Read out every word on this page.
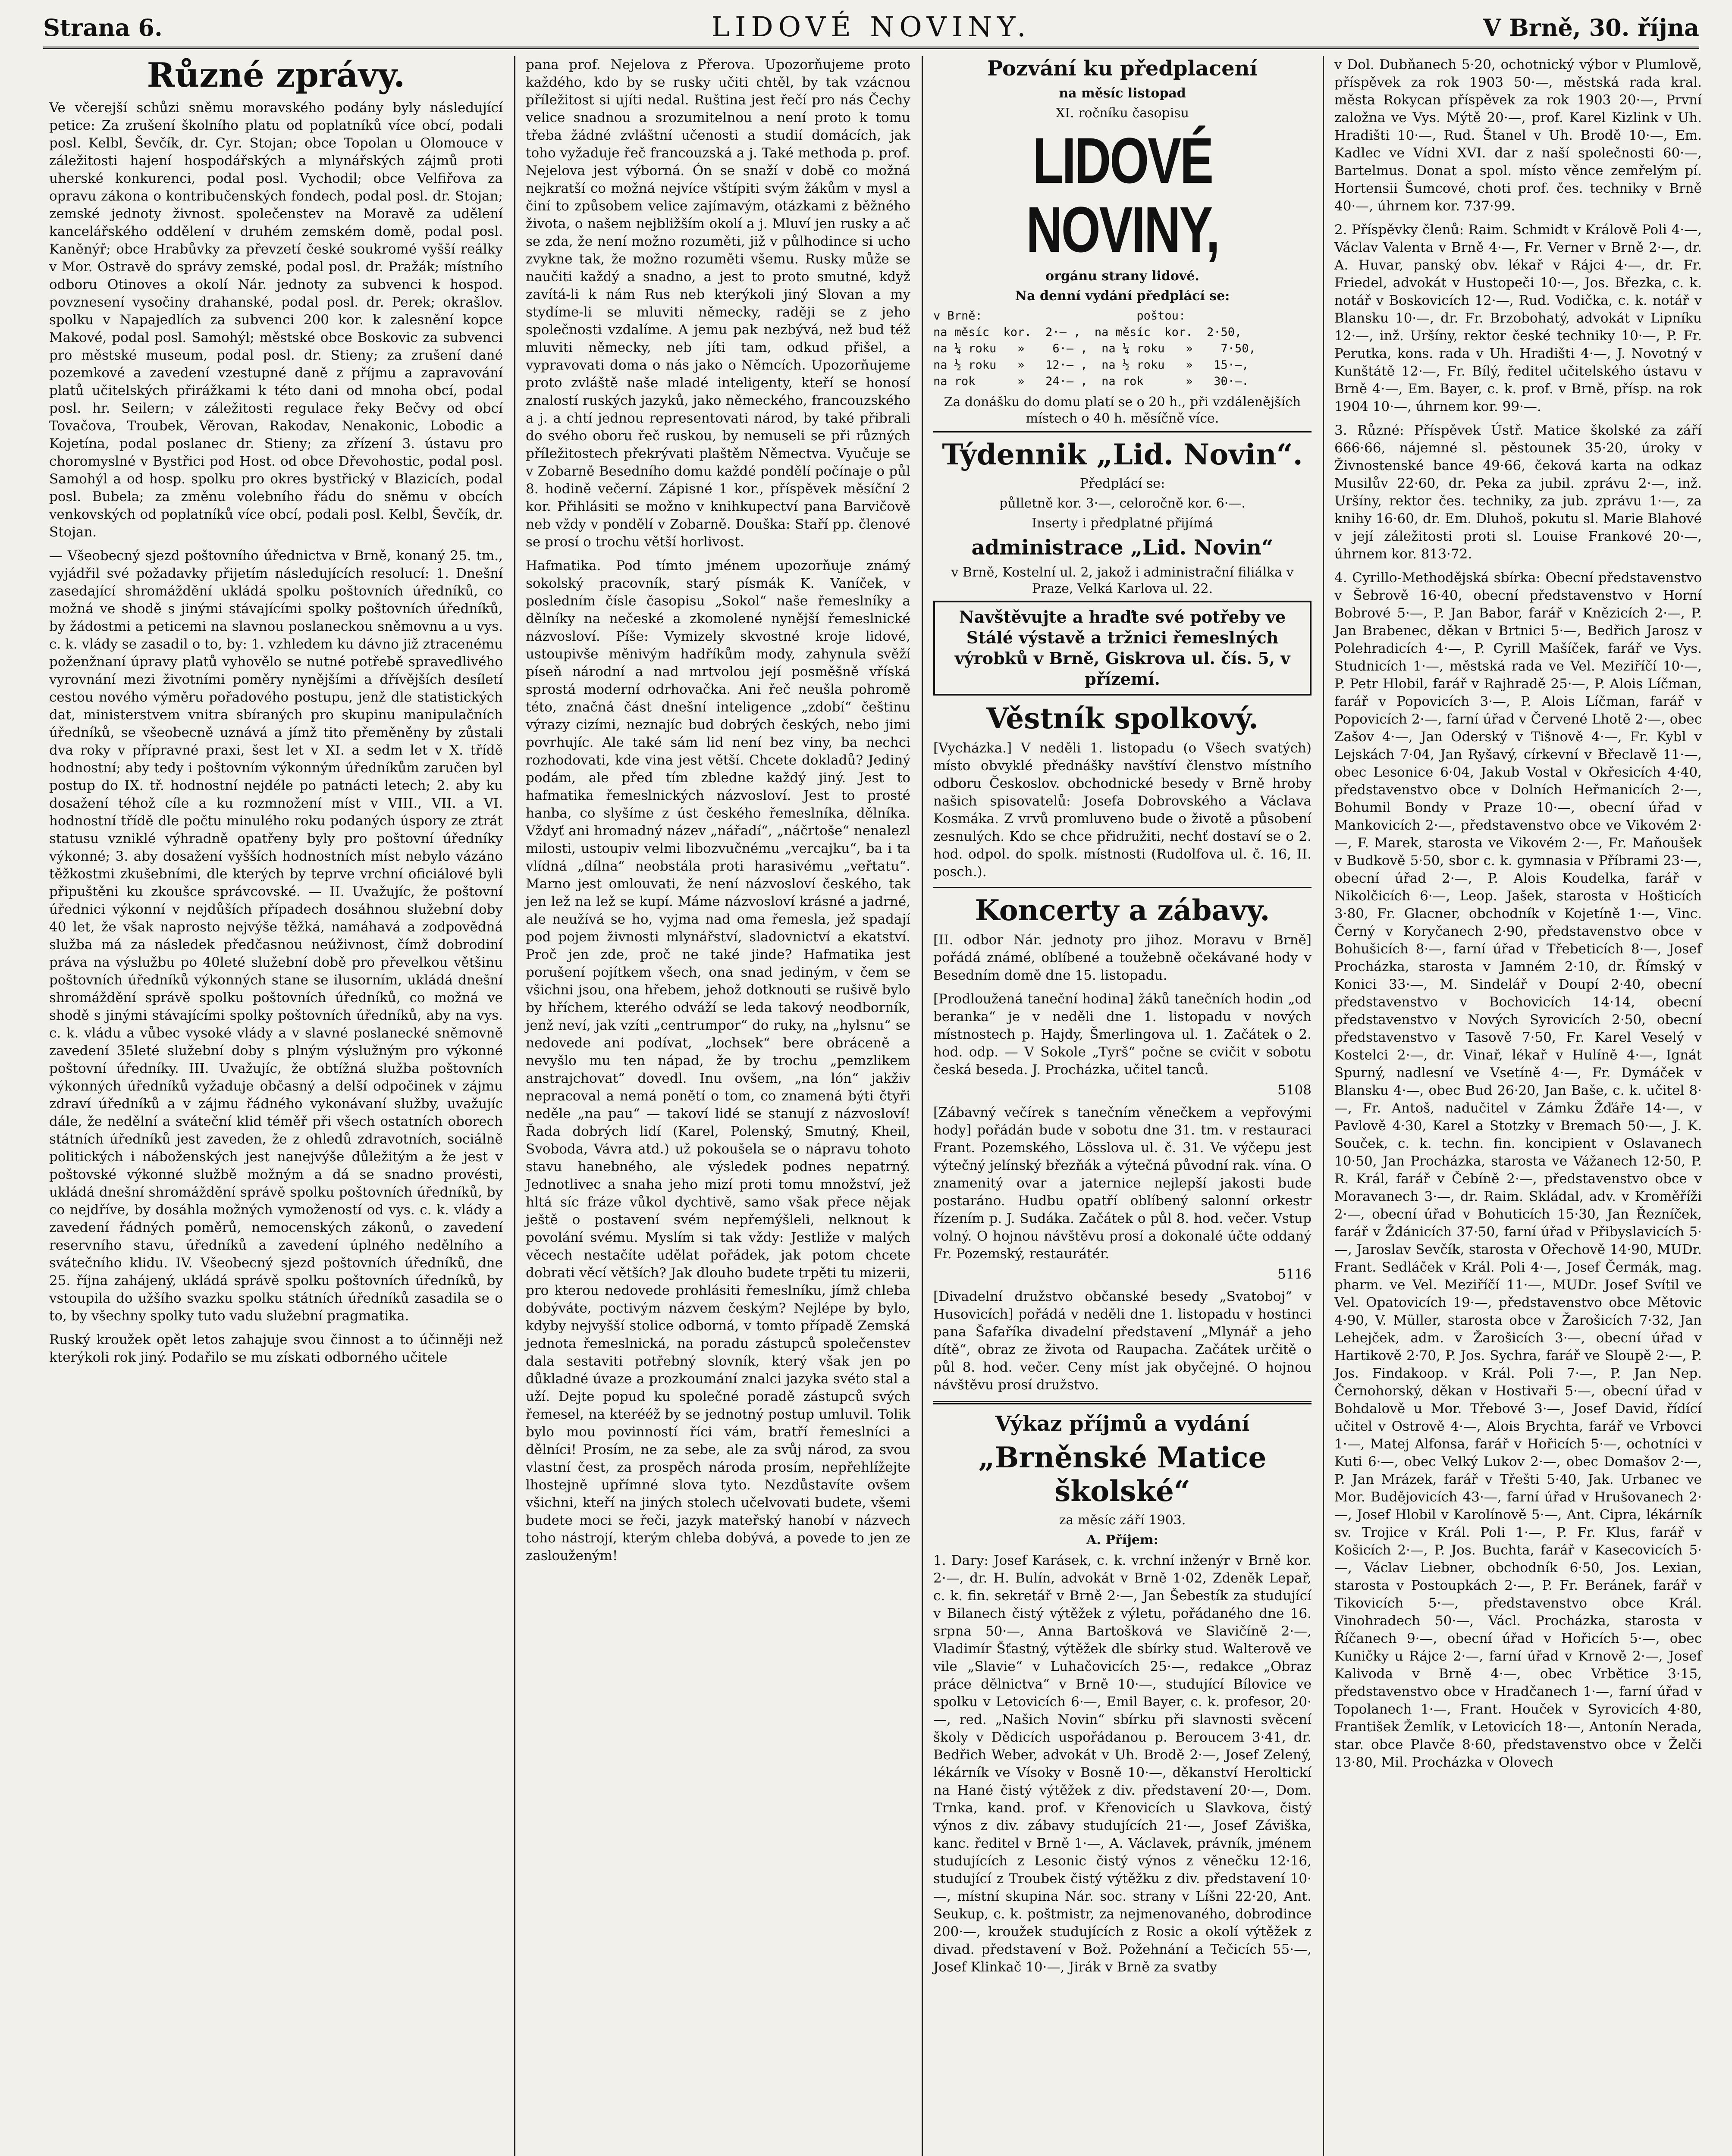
Strana 6.	LIDOVÉ NOVINY.	V Brně, 30. října
Různé zprávy.

Ve včerejší schůzi sněmu moravského podány byly následující petice: Za zrušení školního platu od poplatníků více obcí, podali posl. Kelbl, Ševčík, dr. Cyr. Stojan; obce Topolan u Olomouce v záležitosti hajení hospodářských a mlynářských zájmů proti uherské konkurenci, podal posl. Vychodil; obce Velfiřova za opravu zákona o kontribučenských fondech, podal posl. dr. Stojan; zemské jednoty živnost. společenstev na Moravě za udělení kancelářského oddělení v druhém zemském domě, podal posl. Kaněnýř; obce Hrabůvky za převzetí české soukromé vyšší reálky v Mor. Ostravě do správy zemské, podal posl. dr. Pražák; místního odboru Otinoves a okolí Nár. jednoty za subvenci k hospod. povznesení vysočiny drahanské, podal posl. dr. Perek; okrašlov. spolku v Napajedlích za subvenci 200 kor. k zalesnění kopce Makové, podal posl. Samohýl; městské obce Boskovic za subvenci pro městské museum, podal posl. dr. Stieny; za zrušení dané pozemkové a zavedení vzestupné daně z příjmu a zapravování platů učitelských přirážkami k této dani od mnoha obcí, podal posl. hr. Seilern; v záležitosti regulace řeky Bečvy od obcí Tovačova, Troubek, Věrovan, Rakodav, Nenakonic, Lobodic a Kojetína, podal poslanec dr. Stieny; za zřízení 3. ústavu pro choromyslné v Bystřici pod Host. od obce Dřevohostic, podal posl. Samohýl a od hosp. spolku pro okres bystřický v Blazicích, podal posl. Bubela; za změnu volebního řádu do sněmu v obcích venkovských od poplatníků více obcí, podali posl. Kelbl, Ševčík, dr. Stojan.

— Všeobecný sjezd poštovního úřednictva v Brně, konaný 25. tm., vyjádřil své požadavky přijetím následujících resolucí: 1. Dnešní zasedající shromáždění ukládá spolku poštovních úředníků, co možná ve shodě s jinými stávajícími spolky poštovních úředníků, by žádostmi a peticemi na slavnou poslaneckou sněmovnu a u vys. c. k. vlády se zasadil o to, by: 1. vzhledem ku dávno již ztracenému poženžnaní úpravy platů vyhovělo se nutné potřebě spravedlivého vyrovnání mezi životními poměry nynějšími a dřívějších desíletí cestou nového výměru pořadového postupu, jenž dle statistických dat, ministerstvem vnitra sbíraných pro skupinu manipulačních úředníků, se všeobecně uznává a jímž tito přeměněny by zůstali dva roky v přípravné praxi, šest let v XI. a sedm let v X. třídě hodnostní; aby tedy i poštovním výkonným úředníkům zaručen byl postup do IX. tř. hodnostní nejdéle po patnácti letech; 2. aby ku dosažení téhož cíle a ku rozmnožení míst v VIII., VII. a VI. hodnostní třídě dle počtu minulého roku podaných úspory ze ztrát statusu vzniklé výhradně opatřeny byly pro poštovní úředníky výkonné; 3. aby dosažení vyšších hodnostních míst nebylo vázáno těžkostmi zkušebními, dle kterých by teprve vrchní oficiálové byli připuštěni ku zkoušce správcovské. — II. Uvažujíc, že poštovní úřednici výkonní v nejdůších případech dosáhnou služební doby 40 let, že však naprosto nejvýše těžká, namáhavá a zodpovědná služba má za následek předčasnou neúživnost, čímž dobrodiní práva na výslužbu po 40leté služební době pro převelkou většinu poštovních úředníků výkonných stane se ilusorním, ukládá dnešní shromáždění správě spolku poštovních úředníků, co možná ve shodě s jinými stávajícími spolky poštovních úředníků, aby na vys. c. k. vládu a vůbec vysoké vlády a v slavné poslanecké sněmovně zavedení 35leté služební doby s plným výslužným pro výkonné poštovní úředníky. III. Uvažujíc, že obtížná služba poštovních výkonných úředníků vyžaduje občasný a delší odpočinek v zájmu zdraví úředníků a v zájmu řádného vykonávaní služby, uvažujíc dále, že nedělní a sváteční klid téměř při všech ostatních oborech státních úředníků jest zaveden, že z ohledů zdravotních, sociálně politických i náboženských jest nanejvýše důležitým a že jest v poštovské výkonné službě možným a dá se snadno provésti, ukládá dnešní shromáždění správě spolku poštovních úředníků, by co nejdříve, by dosáhla možných vymožeností od vys. c. k. vlády a zavedení řádných poměrů, nemocenských zákonů, o zavedení reservního stavu, úředníků a zavedení úplného nedělního a svátečního klidu. IV. Všeobecný sjezd poštovních úředníků, dne 25. října zahájený, ukládá správě spolku poštovních úředníků, by vstoupila do užšího svazku spolku státních úředníků zasadila se o to, by všechny spolky tuto vadu služební pragmatika.

Ruský kroužek opět letos zahajuje svou činnost a to účinněji než kterýkoli rok jiný. Podařilo se mu získati odborného učitele

pana prof. Nejelova z Přerova. Upozorňujeme proto každého, kdo by se rusky učiti chtěl, by tak vzácnou příležitost si ujíti nedal. Ruština jest řečí pro nás Čechy velice snadnou a srozumitelnou a není proto k tomu třeba žádné zvláštní učenosti a studií domácích, jak toho vyžaduje řeč francouzská a j. Také methoda p. prof. Nejelova jest výborná. Ón se snaží v době co možná nejkratší co možná nejvíce vštípiti svým žákům v mysl a činí to způsobem velice zajímavým, otázkami z běžného života, o našem nejbližším okolí a j. Mluví jen rusky a ač se zda, že není možno rozuměti, již v půlhodince si ucho zvykne tak, že možno rozuměti všemu. Rusky může se naučiti každý a snadno, a jest to proto smutné, když zavítá-li k nám Rus neb kterýkoli jiný Slovan a my stydíme-li se mluviti německy, raději se z jeho společnosti vzdalíme. A jemu pak nezbývá, než bud též mluviti německy, neb jíti tam, odkud přišel, a vypravovati doma o nás jako o Němcích. Upozorňujeme proto zvláště naše mladé inteligenty, kteří se honosí znalostí ruských jazyků, jako německého, francouzského a j. a chtí jednou representovati národ, by také přibrali do svého oboru řeč ruskou, by nemuseli se při různých příležitostech překrývati plaštěm Němectva. Vyučuje se v Zobarně Besedního domu každé pondělí počínaje o půl 8. hodině večerní. Zápisné 1 kor., příspěvek měsíční 2 kor. Přihlásiti se možno v knihkupectví pana Barvičově neb vždy v pondělí v Zobarně. Douška: Staří pp. členové se prosí o trochu větší horlivost.

Hafmatika. Pod tímto jménem upozorňuje známý sokolský pracovník, starý písmák K. Vaníček, v posledním čísle časopisu „Sokol“ naše řemeslníky a dělníky na nečeské a zkomolené nynější řemeslnické názvosloví. Píše: Vymizely skvostné kroje lidové, ustoupivše měnivým hadříkům mody, zahynula svěží píseň národní a nad mrtvolou její posměšně vříská sprostá moderní odrhovačka. Ani řeč neušla pohromě této, značná část dnešní inteligence „zdobí“ češtinu výrazy cizími, neznajíc bud dobrých českých, nebo jimi povrhujíc. Ale také sám lid není bez viny, ba nechci rozhodovati, kde vina jest větší. Chcete dokladů? Jediný podám, ale před tím zbledne každý jiný. Jest to hafmatika řemeslnických názvosloví. Jest to prosté hanba, co slyšíme z úst českého řemeslníka, dělníka. Vždyť ani hromadný název „nářadí“, „náčrtoše“ nenalezl milosti, ustoupiv velmi libozvučnému „vercajku“, ba i ta vlídná „dílna“ neobstála proti harasivému „veřtatu“. Marno jest omlouvati, že není názvosloví českého, tak jen lež na lež se kupí. Máme názvosloví krásné a jadrné, ale neužívá se ho, vyjma nad oma řemesla, jež spadají pod pojem živnosti mlynářství, sladovnictví a ekatství. Proč jen zde, proč ne také jinde? Hafmatika jest porušení pojítkem všech, ona snad jediným, v čem se všichni jsou, ona hřebem, jehož dotknouti se rušivě bylo by hříchem, kterého odváží se leda takový neodborník, jenž neví, jak vzíti „centrumpor“ do ruky, na „hylsnu“ se nedovede ani podívat, „lochsek“ bere obráceně a nevyšlo mu ten nápad, že by trochu „pemzlikem anstrajchovat“ dovedl. Inu ovšem, „na lón“ jakživ nepracoval a nemá ponětí o tom, co znamená býti čtyři neděle „na pau“ — takoví lidé se stanují z názvosloví! Řada dobrých lidí (Karel, Polenský, Smutný, Kheil, Svoboda, Vávra atd.) už pokoušela se o nápravu tohoto stavu hanebného, ale výsledek podnes nepatrný. Jednotlivec a snaha jeho mizí proti tomu množství, jež hltá síc fráze vůkol dychtivě, samo však přece nějak ještě o postavení svém nepřemýšleli, nelknout k povolání svému. Myslím si tak vždy: Jestliže v malých věcech nestačíte udělat pořádek, jak potom chcete dobrati věcí větších? Jak dlouho budete trpěti tu mizerii, pro kterou nedovede prohlásiti řemeslníku, jímž chleba dobýváte, poctivým názvem českým? Nejlépe by bylo, kdyby nejvyšší stolice odborná, v tomto případě Zemská jednota řemeslnická, na poradu zástupců společenstev dala sestaviti potřebný slovník, který však jen po důkladné úvaze a prozkoumání znalci jazyka svéto stal a uží. Dejte popud ku společné poradě zástupců svých řemesel, na kterééž by se jednotný postup umluvil. Tolik bylo mou povinností říci vám, bratří řemeslníci a dělníci! Prosím, ne za sebe, ale za svůj národ, za svou vlastní čest, za prospěch národa prosím, nepřehlížejte lhostejně upřímné slova tyto. Nezdůstavíte ovšem všichni, kteří na jiných stolech učelvovati budete, všemi budete moci se řeči, jazyk mateřský hanobí v názvech toho nástrojí, kterým chleba dobývá, a povede to jen ze zaslouženým!

Pozvání ku předplacení
na měsíc listopad
XI. ročníku časopisu
LIDOVÉ NOVINY,
orgánu strany lidové.
Na denní vydání předplácí se:
v Brně:                      poštou:
na měsíc  kor.  2·— ,  na měsíc  kor.  2·50,
na ¼ roku   »    6·— ,  na ¼ roku   »    7·50,
na ½ roku   »   12·— ,  na ½ roku   »   15·—,
na rok      »   24·— ,  na rok      »   30·—.
Za donášku do domu platí se o 20 h., při vzdálenějších místech o 40 h. měsíčně více.
Týdennik „Lid. Novin“.
Předplácí se:
půlletně kor. 3·—, celoročně kor. 6·—.
Inserty i předplatné přijímá
administrace „Lid. Novin“
v Brně, Kostelní ul. 2, jakož i administrační filiálka v Praze, Velká Karlova ul. 22.

Navštěvujte a hraďte své potřeby ve Stálé výstavě a tržnici řemeslných výrobků v Brně, Giskrova ul. čís. 5, v přízemí.

Věstník spolkový.

[Vycházka.] V neděli 1. listopadu (o Všech svatých) místo obvyklé přednášky navštíví členstvo místního odboru Českoslov. obchodnické besedy v Brně hroby našich spisovatelů: Josefa Dobrovského a Václava Kosmáka. Z vrvů promluveno bude o životě a působení zesnulých. Kdo se chce přidružiti, nechť dostaví se o 2. hod. odpol. do spolk. místnosti (Rudolfova ul. č. 16, II. posch.).

Koncerty a zábavy.

[II. odbor Nár. jednoty pro jihoz. Moravu v Brně] pořádá známé, oblíbené a toužebně očekávané hody v Besedním domě dne 15. listopadu.

[Prodloužená taneční hodina] žáků tanečních hodin „od beranka“ je v neděli dne 1. listopadu v nových místnostech p. Hajdy, Šmerlingova ul. 1. Začátek o 2. hod. odp. — V Sokole „Tyrš“ počne se cvičit v sobotu česká beseda. J. Procházka, učitel tanců.

5108

[Zábavný večírek s tanečním věnečkem a vepřovými hody] pořádán bude v sobotu dne 31. tm. v restauraci Frant. Pozemského, Lösslova ul. č. 31. Ve výčepu jest výtečný jelínský březňák a výtečná původní rak. vína. O znamenitý ovar a jaternice nejlepší jakosti bude postaráno. Hudbu opatří oblíbený salonní orkestr řízením p. J. Sudáka. Začátek o půl 8. hod. večer. Vstup volný. O hojnou návštěvu prosí a dokonalé účte oddaný Fr. Pozemský, restaurátér.

5116

[Divadelní družstvo občanské besedy „Svatoboj“ v Husovicích] pořádá v neděli dne 1. listopadu v hostinci pana Šafaříka divadelní představení „Mlynář a jeho dítě“, obraz ze života od Raupacha. Začátek určitě o půl 8. hod. večer. Ceny míst jak obyčejné. O hojnou návštěvu prosí družstvo.

Výkaz příjmů a vydání
„Brněnské Matice školské“
za měsíc září 1903.
A. Příjem:

1. Dary: Josef Karásek, c. k. vrchní inženýr v Brně kor. 2·—, dr. H. Bulín, advokát v Brně 1·02, Zdeněk Lepař, c. k. fin. sekretář v Brně 2·—, Jan Šebestík za studující v Bilanech čistý výtěžek z výletu, pořádaného dne 16. srpna 50·—, Anna Bartošková ve Slavičíně 2·—, Vladimír Šťastný, výtěžek dle sbírky stud. Walterově ve vile „Slavie“ v Luhačovicích 25·—, redakce „Obraz práce dělnictva“ v Brně 10·—, studující Bílovice ve spolku v Letovicích 6·—, Emil Bayer, c. k. profesor, 20·—, red. „Našich Novin“ sbírku při slavnosti svěcení školy v Dědicích uspořádanou p. Beroucem 3·41, dr. Bedřich Weber, advokát v Uh. Brodě 2·—, Josef Zelený, lékárník ve Vísoky v Bosně 10·—, děkanství Heroltickí na Hané čistý výtěžek z div. představení 20·—, Dom. Trnka, kand. prof. v Křenovicích u Slavkova, čistý výnos z div. zábavy studujících 21·—, Josef Záviška, kanc. ředitel v Brně 1·—, A. Václavek, právník, jménem studujících z Lesonic čistý výnos z věnečku 12·16, studující z Troubek čistý výtěžku z div. představení 10·—, místní skupina Nár. soc. strany v Líšni 22·20, Ant. Seukup, c. k. poštmistr, za nejmenovaného, dobrodince 200·—, kroužek studujících z Rosic a okolí výtěžek z divad. představení v Bož. Požehnání a Tečicích 55·—, Josef Klinkač 10·—, Jirák v Brně za svatby

v Dol. Dubňanech 5·20, ochotnický výbor v Plumlově, příspěvek za rok 1903 50·—, městská rada kral. města Rokycan příspěvek za rok 1903 20·—, První založna ve Vys. Mýtě 20·—, prof. Karel Kizlink v Uh. Hradišti 10·—, Rud. Štanel v Uh. Brodě 10·—, Em. Kadlec ve Vídni XVI. dar z naší společnosti 60·—, Bartelmus. Donat a spol. místo věnce zemřelým pí. Hortensii Šumcové, choti prof. čes. techniky v Brně 40·—, úhrnem kor. 737·99.

2. Příspěvky členů: Raim. Schmidt v Králově Poli 4·—, Václav Valenta v Brně 4·—, Fr. Verner v Brně 2·—, dr. A. Huvar, panský obv. lékař v Rájci 4·—, dr. Fr. Friedel, advokát v Hustopeči 10·—, Jos. Březka, c. k. notář v Boskovicích 12·—, Rud. Vodička, c. k. notář v Blansku 10·—, dr. Fr. Brzobohatý, advokát v Lipníku 12·—, inž. Uršíny, rektor české techniky 10·—, P. Fr. Perutka, kons. rada v Uh. Hradišti 4·—, J. Novotný v Kunštátě 12·—, Fr. Bílý, ředitel učitelského ústavu v Brně 4·—, Em. Bayer, c. k. prof. v Brně, přísp. na rok 1904 10·—, úhrnem kor. 99·—.

3. Různé: Příspěvek Ústř. Matice školské za září 666·66, nájemné sl. pěstounek 35·20, úroky v Živnostenské bance 49·66, čeková karta na odkaz Musilův 22·60, dr. Peka za jubil. zprávu 2·—, inž. Uršíny, rektor čes. techniky, za jub. zprávu 1·—, za knihy 16·60, dr. Em. Dluhoš, pokutu sl. Marie Blahové v její záležitosti proti sl. Louise Frankové 20·—, úhrnem kor. 813·72.

4. Cyrillo-Methodějská sbírka: Obecní představenstvo v Šebrově 16·40, obecní představenstvo v Horní Bobrové 5·—, P. Jan Babor, farář v Knězicích 2·—, P. Jan Brabenec, děkan v Brtnici 5·—, Bedřich Jarosz v Polehradicích 4·—, P. Cyrill Mašíček, farář ve Vys. Studnicích 1·—, městská rada ve Vel. Meziříčí 10·—, P. Petr Hlobil, farář v Rajhradě 25·—, P. Alois Líčman, farář v Popovicích 3·—, P. Alois Líčman, farář v Popovicích 2·—, farní úřad v Červené Lhotě 2·—, obec Zašov 4·—, Jan Oderský v Tišnově 4·—, Fr. Kybl v Lejskách 7·04, Jan Ryšavý, církevní v Břeclavě 11·—, obec Lesonice 6·04, Jakub Vostal v Okřesicích 4·40, představenstvo obce v Dolních Heřmanicích 2·—, Bohumil Bondy v Praze 10·—, obecní úřad v Mankovicích 2·—, představenstvo obce ve Vikovém 2·—, F. Marek, starosta ve Vikovém 2·—, Fr. Maňoušek v Budkově 5·50, sbor c. k. gymnasia v Příbrami 23·—, obecní úřad 2·—, P. Alois Koudelka, farář v Nikolčicích 6·—, Leop. Jašek, starosta v Hošticích 3·80, Fr. Glacner, obchodník v Kojetíně 1·—, Vinc. Černý v Koryčanech 2·90, představenstvo obce v Bohušicích 8·—, farní úřad v Třebeticích 8·—, Josef Procházka, starosta v Jamném 2·10, dr. Římský v Konici 33·—, M. Sindelář v Doupí 2·40, obecní představenstvo v Bochovicích 14·14, obecní představenstvo v Nových Syrovicích 2·50, obecní představenstvo v Tasově 7·50, Fr. Karel Veselý v Kostelci 2·—, dr. Vinař, lékař v Hulíně 4·—, Ignát Spurný, nadlesní ve Vsetíně 4·—, Fr. Dymáček v Blansku 4·—, obec Bud 26·20, Jan Baše, c. k. učitel 8·—, Fr. Antoš, nadučitel v Zámku Žďáře 14·—, v Pavlově 4·30, Karel a Stotzky v Bremach 50·—, J. K. Souček, c. k. techn. fin. koncipient v Oslavanech 10·50, Jan Procházka, starosta ve Vážanech 12·50, P. R. Král, farář v Čebíně 2·—, představenstvo obce v Moravanech 3·—, dr. Raim. Skládal, adv. v Kroměříži 2·—, obecní úřad v Bohuticích 15·30, Jan Řezníček, farář v Ždánicích 37·50, farní úřad v Přibyslavicích 5·—, Jaroslav Sevčík, starosta v Ořechově 14·90, MUDr. Frant. Sedláček v Král. Poli 4·—, Josef Čermák, mag. pharm. ve Vel. Meziříčí 11·—, MUDr. Josef Svítil ve Vel. Opatovicích 19·—, představenstvo obce Mětovic 4·90, V. Müller, starosta obce v Žarošicích 7·32, Jan Lehejček, adm. v Žarošicích 3·—, obecní úřad v Hartikově 2·70, P. Jos. Sychra, farář ve Sloupě 2·—, P. Jos. Findakoop. v Král. Poli 7·—, P. Jan Nep. Černohorský, děkan v Hostivaři 5·—, obecní úřad v Bohdalově u Mor. Třebové 3·—, Josef David, řídící učitel v Ostrově 4·—, Alois Brychta, farář ve Vrbovci 1·—, Matej Alfonsa, farář v Hořicích 5·—, ochotníci v Kuti 6·—, obec Velký Lukov 2·—, obec Domašov 2·—, P. Jan Mrázek, farář v Třešti 5·40, Jak. Urbanec ve Mor. Budějovicích 43·—, farní úřad v Hrušovanech 2·—, Josef Hlobil v Karolínově 5·—, Ant. Cipra, lékárník sv. Trojice v Král. Poli 1·—, P. Fr. Klus, farář v Košicích 2·—, P. Jos. Buchta, farář v Kasecovicích 5·—, Václav Liebner, obchodník 6·50, Jos. Lexian, starosta v Postoupkách 2·—, P. Fr. Beránek, farář v Tikovicích 5·—, představenstvo obce Král. Vinohradech 50·—, Václ. Procházka, starosta v Říčanech 9·—, obecní úřad v Hořicích 5·—, obec Kuničky u Rájce 2·—, farní úřad v Krnově 2·—, Josef Kalivoda v Brně 4·—, obec Vrbětice 3·15, představenstvo obce v Hradčanech 1·—, farní úřad v Topolanech 1·—, Frant. Houček v Syrovicích 4·80, František Žemlík, v Letovicích 18·—, Antonín Nerada, star. obce Plavče 8·60, představenstvo obce v Želči 13·80, Mil. Procházka v Olovech
